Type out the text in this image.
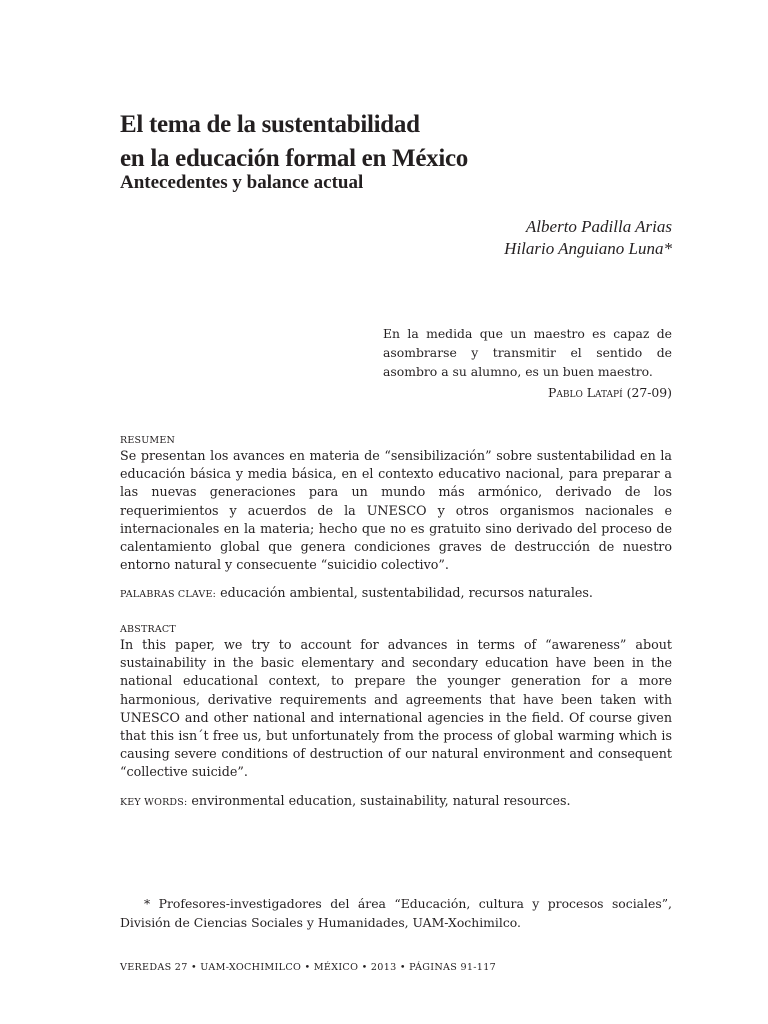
El tema de la sustentabilidad
en la educación formal en México
Antecedentes y balance actual
Alberto Padilla Arias
Hilario Anguiano Luna*
En la medida que un maestro es capaz de asombrarse y transmitir el sentido de asombro a su alumno, es un buen maestro.
Pablo Latapí (27-09)
RESUMEN

Se presentan los avances en materia de “sensibilización” sobre sustentabilidad en la educación básica y media básica, en el contexto educativo nacional, para preparar a las nuevas generaciones para un mundo más armónico, derivado de los requerimientos y acuerdos de la UNESCO y otros organismos nacionales e internacionales en la materia; hecho que no es gratuito sino derivado del proceso de calentamiento global que genera condiciones graves de destrucción de nuestro entorno natural y consecuente “suicidio colectivo”.

PALABRAS CLAVE: educación ambiental, sustentabilidad, recursos naturales.

ABSTRACT

In this paper, we try to account for advances in terms of “awareness” about sustainability in the basic elementary and secondary education have been in the national educational context, to prepare the younger generation for a more harmonious, derivative requirements and agreements that have been taken with UNESCO and other national and international agencies in the field. Of course given that this isn´t free us, but unfortunately from the process of global warming which is causing severe conditions of destruction of our natural environment and consequent “collective suicide”.

KEY WORDS: environmental education, sustainability, natural resources.

* Profesores-investigadores del área “Educación, cultura y procesos sociales”, División de Ciencias Sociales y Humanidades, UAM-Xochimilco.
VEREDAS 27 • UAM-XOCHIMILCO • MÉXICO • 2013 • PÁGINAS 91-117
